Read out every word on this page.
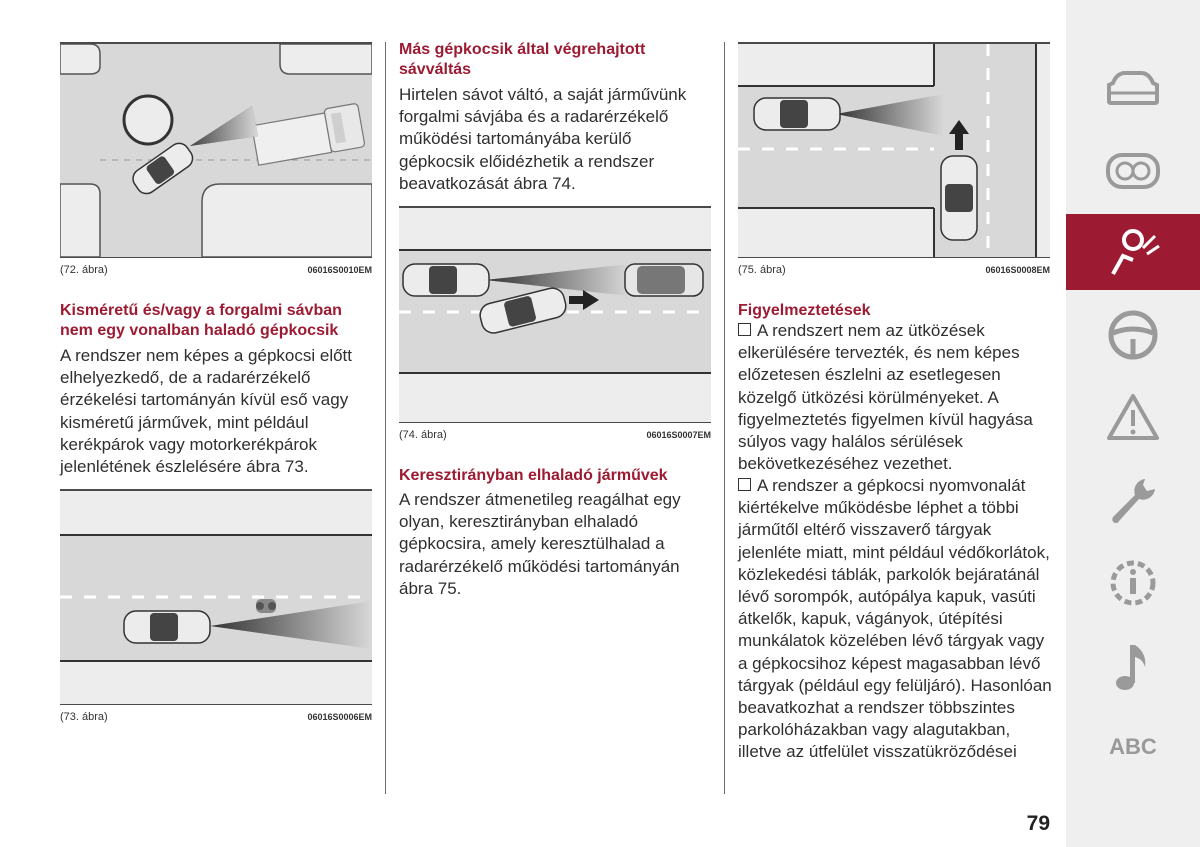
(72. ábra)	06016S0010EM
Kisméretű és/vagy a forgalmi sávban nem egy vonalban haladó gépkocsik
A rendszer nem képes a gépkocsi előtt elhelyezkedő, de a radarérzékelő érzékelési tartományán kívül eső vagy kisméretű járművek, mint például kerékpárok vagy motorkerékpárok jelenlétének észlelésére ábra 73.
(73. ábra)	06016S0006EM
Más gépkocsik által végrehajtott sávváltás
Hirtelen sávot váltó, a saját járművünk forgalmi sávjába és a radarérzékelő működési tartományába kerülő gépkocsik előidézhetik a rendszer beavatkozását ábra 74.
(74. ábra)	06016S0007EM
Keresztirányban elhaladó járművek
A rendszer átmenetileg reagálhat egy olyan, keresztirányban elhaladó gépkocsira, amely keresztülhalad a radarérzékelő működési tartományán ábra 75.
(75. ábra)	06016S0008EM
Figyelmeztetések
A rendszert nem az ütközések elkerülésére tervezték, és nem képes előzetesen észlelni az esetlegesen közelgő ütközési körülményeket. A figyelmeztetés figyelmen kívül hagyása súlyos vagy halálos sérülések bekövetkezéséhez vezethet.
A rendszer a gépkocsi nyomvonalát kiértékelve működésbe léphet a többi járműtől eltérő visszaverő tárgyak jelenléte miatt, mint például védőkorlátok, közlekedési táblák, parkolók bejáratánál lévő sorompók, autópálya kapuk, vasúti átkelők, kapuk, vágányok, útépítési munkálatok közelében lévő tárgyak vagy a gépkocsihoz képest magasabban lévő tárgyak (például egy felüljáró). Hasonlóan beavatkozhat a rendszer többszintes parkolóházakban vagy alagutakban, illetve az útfelület visszatükröződései	ABC
79
